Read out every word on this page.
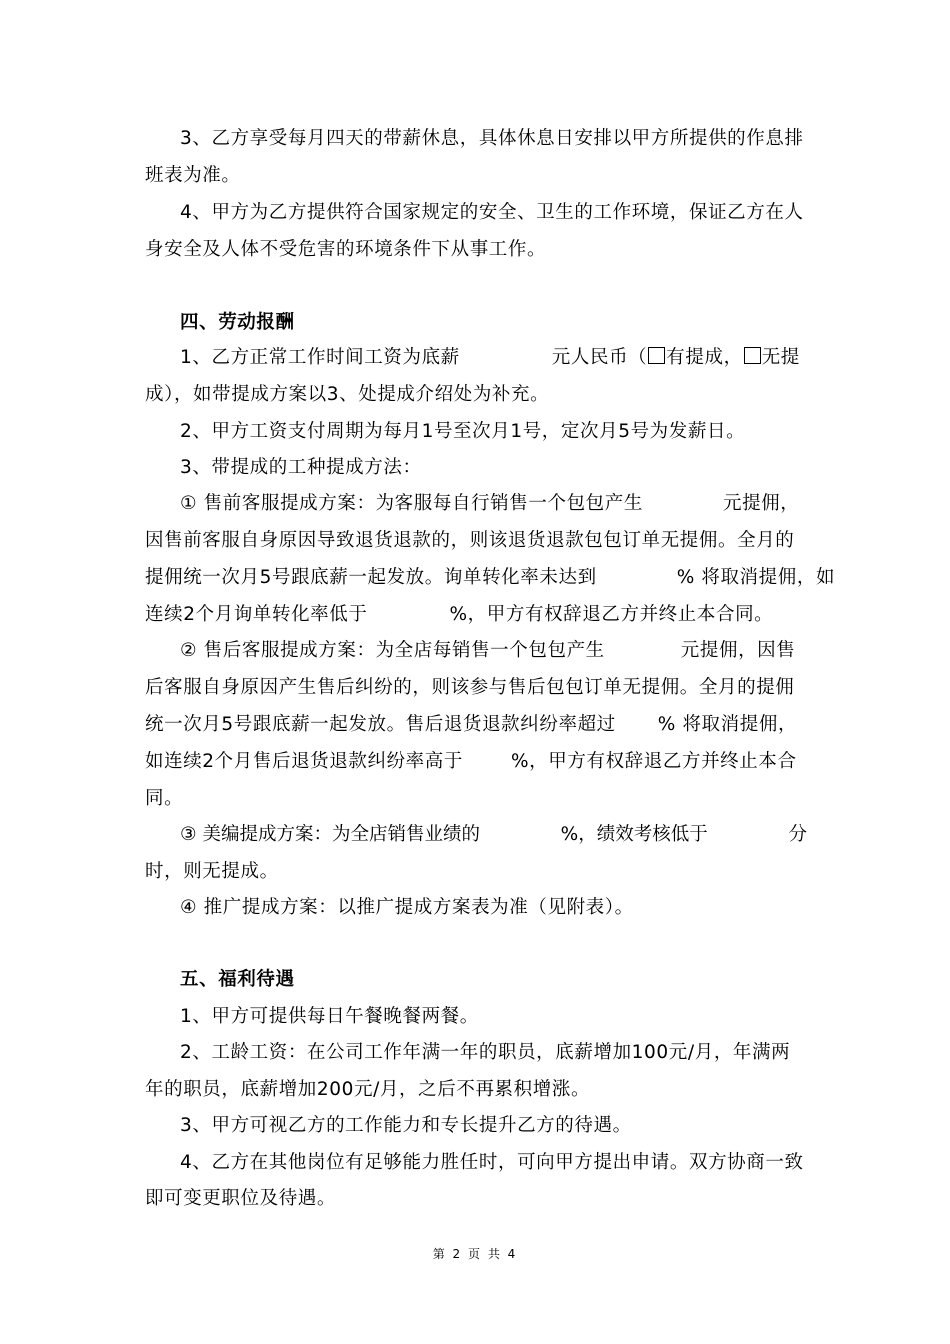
3、乙方享受每月四天的带薪休息，具体休息日安排以甲方所提供的作息排
班表为准。
4、甲方为乙方提供符合国家规定的安全、卫生的工作环境，保证乙方在人
身安全及人体不受危害的环境条件下从事工作。
四、劳动报酬
1、乙方正常工作时间工资为底薪	元人民币（ 有提成， 无提
成），如带提成方案以3、处提成介绍处为补充。
2、甲方工资支付周期为每月1号至次月1号，定次月5号为发薪日。
3、带提成的工种提成方法：
① 售前客服提成方案：为客服每自行销售一个包包产生	元提佣，
因售前客服自身原因导致退货退款的，则该退货退款包包订单无提佣。全月的
提佣统一次月5号跟底薪一起发放。询单转化率未达到	% 将取消提佣，如
连续2个月询单转化率低于	%，甲方有权辞退乙方并终止本合同。
② 售后客服提成方案：为全店每销售一个包包产生	元提佣，因售
后客服自身原因产生售后纠纷的，则该参与售后包包订单无提佣。全月的提佣
统一次月5号跟底薪一起发放。售后退货退款纠纷率超过 % 将取消提佣，
如连续2个月售后退货退款纠纷率高于	%，甲方有权辞退乙方并终止本合
同。
③ 美编提成方案：为全店销售业绩的	%，绩效考核低于	分
时，则无提成。
④ 推广提成方案：以推广提成方案表为准（见附表）。
五、福利待遇
1、甲方可提供每日午餐晚餐两餐。
2、工龄工资：在公司工作年满一年的职员，底薪增加100元/月，年满两
年的职员，底薪增加200元/月，之后不再累积增涨。
3、甲方可视乙方的工作能力和专长提升乙方的待遇。
4、乙方在其他岗位有足够能力胜任时，可向甲方提出申请。双方协商一致
即可变更职位及待遇。
第 2 页 共 4
